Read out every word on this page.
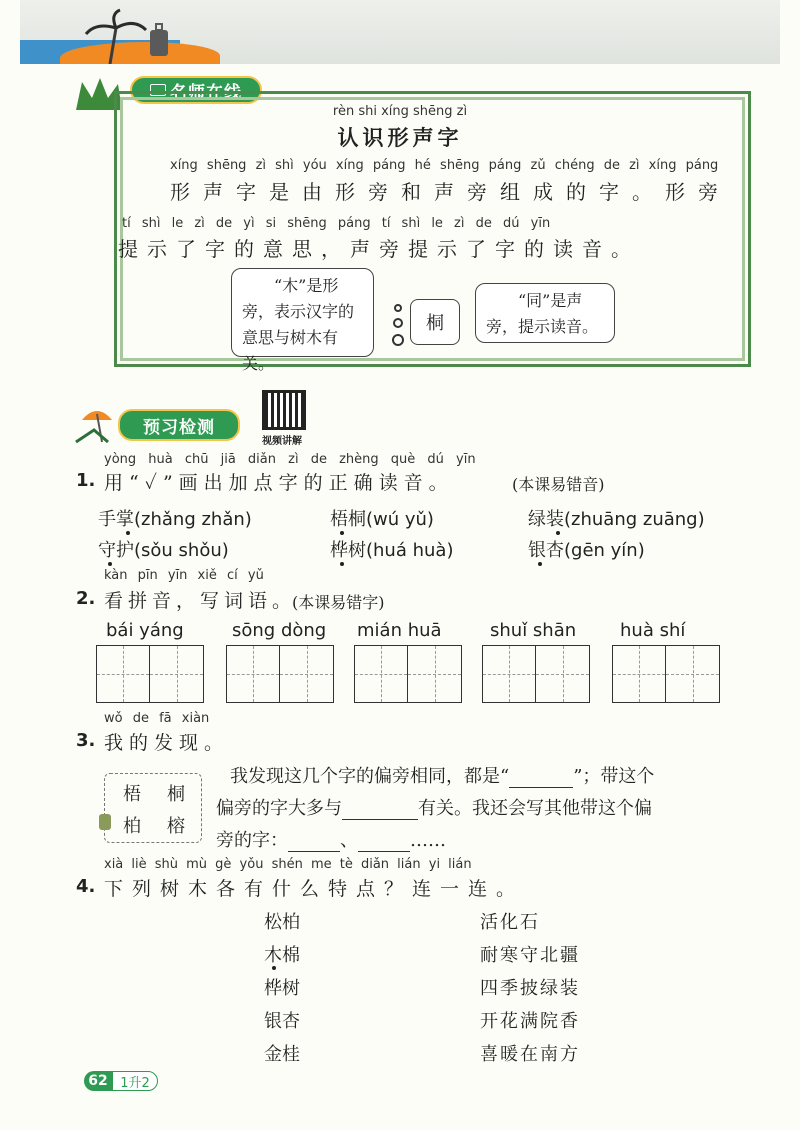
名师在线
rèn shi xíng shēng zì
认识形声字
xíng shēng zì shì yóu xíng páng hé shēng páng zǔ chéng de zì xíng páng
形声字是由形旁和声旁组成的字。形旁
tí shì le zì de yì si shēng páng tí shì le zì de dú yīn
提示了字的意思，声旁提示了字的读音。
“木”是形
旁，表示汉字的
意思与树木有关。
桐
“同”是声
旁，提示读音。
预习检测
视频讲解
yòng huà chū jiā diǎn zì de zhèng què dú yīn
1. 用“✓”画出加点字的正确读音。	(本课易错音)
手掌(zhǎng zhǎn)	梧桐(wú yǔ)	绿装(zhuāng zuāng)
守护(sǒu shǒu)	桦树(huá huà)	银杏(gēn yín)
kàn pīn yīn xiě cí yǔ
2. 看拼音，写词语。
(本课易错字)
bái yáng	sōng dòng mián huā	shuǐ shān huà shí
wǒ de fā xiàn
3. 我的发现。
梧 桐
柏 榕
我发现这几个字的偏旁相同，都是“	”；带这个
偏旁的字大多与	有关。我还会写其他带这个偏
旁的字：	、	……
xià liè shù mù gè yǒu shén me tè diǎn lián yi lián
4. 下列树木各有什么特点？连一连。
松柏
木棉
桦树
银杏
金桂
活化石
耐寒守北疆
四季披绿装
开花满院香
喜暖在南方
62 1升2
